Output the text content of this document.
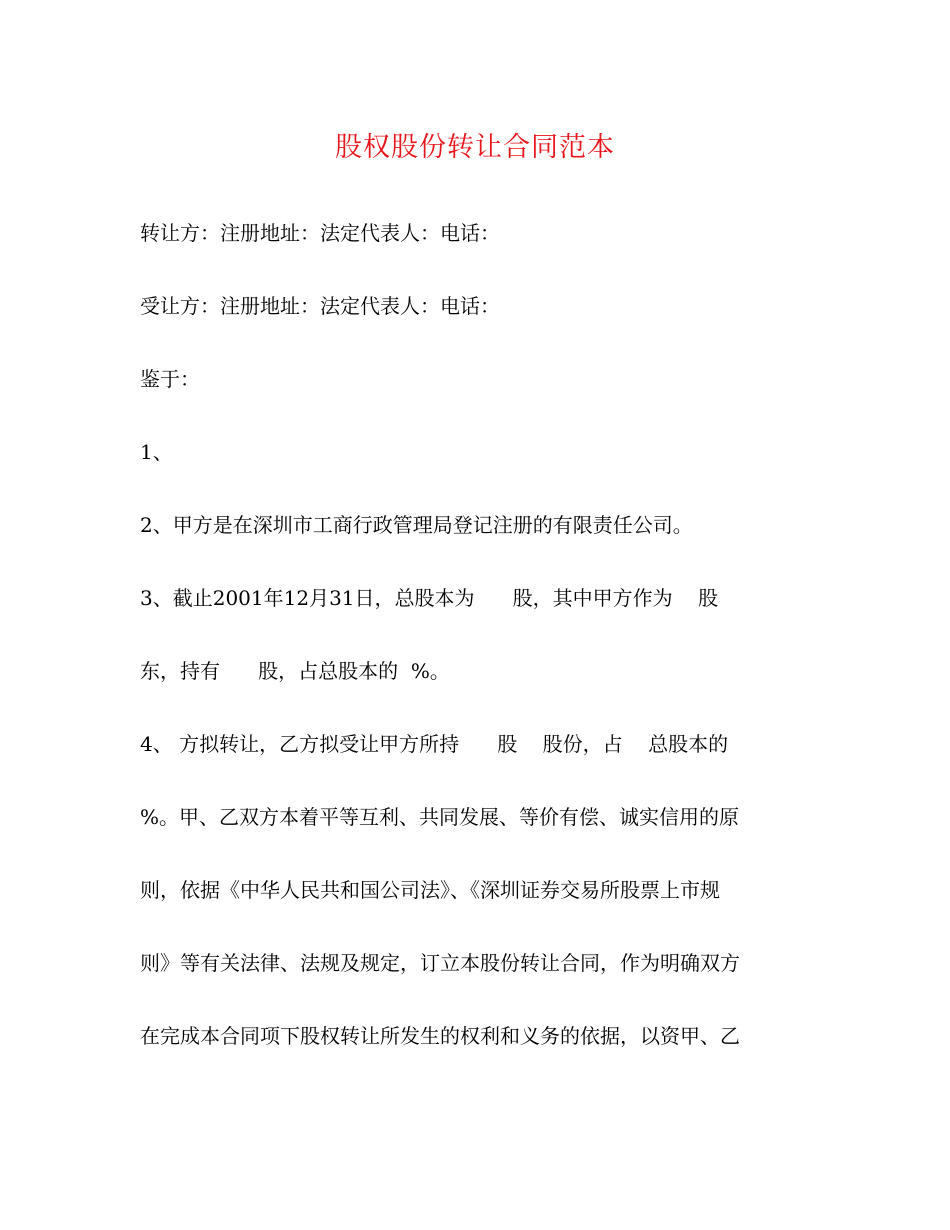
股权股份转让合同范本
转让方：注册地址：法定代表人：电话：
受让方：注册地址：法定代表人：电话：
鉴于：
1、
2、甲方是在深圳市工商行政管理局登记注册的有限责任公司。
3、截止2001年12月31日，总股本为      股，其中甲方作为    股
东，持有      股，占总股本的  %。
4、 方拟转让，乙方拟受让甲方所持      股    股份，占    总股本的
%。甲、乙双方本着平等互利、共同发展、等价有偿、诚实信用的原
则，依据《中华人民共和国公司法》、《深圳证券交易所股票上市规
则》等有关法律、法规及规定，订立本股份转让合同，作为明确双方
在完成本合同项下股权转让所发生的权利和义务的依据，以资甲、乙
